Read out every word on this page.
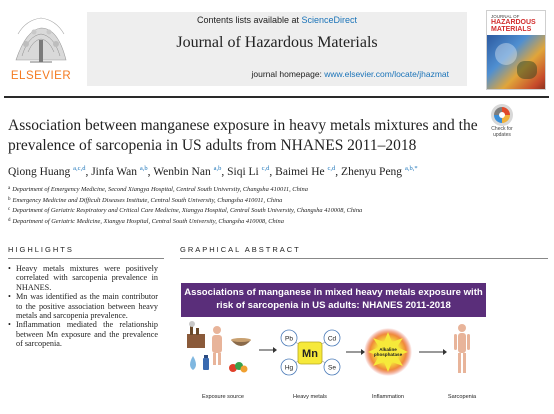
ELSEVIER
Contents lists available at ScienceDirect
Journal of Hazardous Materials
journal homepage: www.elsevier.com/locate/jhazmat
JOURNAL OF
HAZARDOUS
MATERIALS
Association between manganese exposure in heavy metals mixtures and the prevalence of sarcopenia in US adults from NHANES 2011–2018
Check for
updates
Qiong Huang $^{a,c,d}$, Jinfa Wan $^{a,b}$, Wenbin Nan $^{a,b}$, Siqi Li $^{c,d}$, Baimei He $^{c,d}$, Zhenyu Peng $^{a,b,*}$
$^a$ Department of Emergency Medicine, Second Xiangya Hospital, Central South University, Changsha 410011, China
$^b$ Emergency Medicine and Difficult Diseases Institute, Central South University, Changsha 410011, China
$^c$ Department of Geriatric Respiratory and Critical Care Medicine, Xiangya Hospital, Central South University, Changsha 410008, China
$^d$ Department of Geriatric Medicine, Xiangya Hospital, Central South University, Changsha 410008, China
HIGHLIGHTS
• Heavy metals mixtures were positively correlated with sarcopenia prevalence in NHANES.
• Mn was identified as the main contributor to the positive association between heavy metals and sarcopenia prevalence.
• Inflammation mediated the relationship between Mn exposure and the prevalence of sarcopenia.
GRAPHICAL ABSTRACT
Associations of manganese in mixed heavy metals exposure with
risk of sarcopenia in US adults: NHANES 2011-2018
Pb	Cd
Hg	Se
Mn	Alkaline
phosphatase
Exposure source	Heavy metals	Inflammation	Sarcopenia
